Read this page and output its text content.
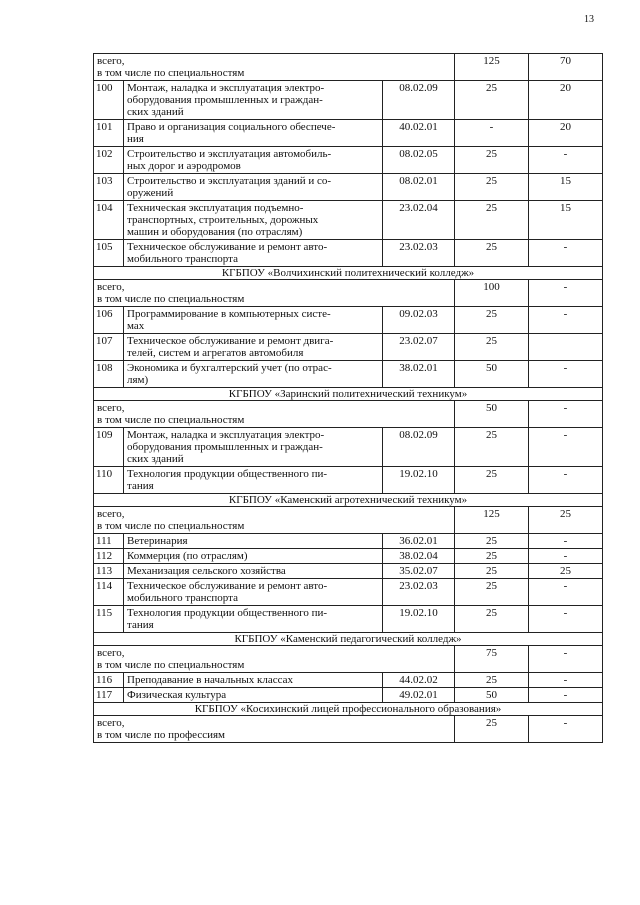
13
всего,
в том числе по специальностям			125	70
100	Монтаж, наладка и эксплуатация электро-
оборудования промышленных и граждан-
ских зданий	08.02.09	25	20
101	Право и организация социального обеспече-
ния	40.02.01	-	20
102	Строительство и эксплуатация автомобиль-
ных дорог и аэродромов	08.02.05	25	-
103	Строительство и эксплуатация зданий и со-
оружений	08.02.01	25	15
104	Техническая эксплуатация подъемно-
транспортных, строительных, дорожных
машин и оборудования (по отраслям)	23.02.04	25	15
105	Техническое обслуживание и ремонт авто-
мобильного транспорта	23.02.03	25	-
КГБПОУ «Волчихинский политехнический колледж»				

всего,
в том числе по специальностям			100	-
106	Программирование в компьютерных систе-
мах	09.02.03	25	-
107	Техническое обслуживание и ремонт двига-
телей, систем и агрегатов автомобиля	23.02.07	25	
108	Экономика и бухгалтерский учет (по отрас-
лям)	38.02.01	50	-
КГБПОУ «Заринский политехнический техникум»				

всего,
в том числе по специальностям			50	-
109	Монтаж, наладка и эксплуатация электро-
оборудования промышленных и граждан-
ских зданий	08.02.09	25	-
110	Технология продукции общественного пи-
тания	19.02.10	25	-
КГБПОУ «Каменский агротехнический техникум»				

всего,
в том числе по специальностям			125	25
111	Ветеринария	36.02.01	25	-
112	Коммерция (по отраслям)	38.02.04	25	-
113	Механизация сельского хозяйства	35.02.07	25	25
114	Техническое обслуживание и ремонт авто-
мобильного транспорта	23.02.03	25	-
115	Технология продукции общественного пи-
тания	19.02.10	25	-
КГБПОУ «Каменский педагогический колледж»				

всего,
в том числе по специальностям			75	-
116	Преподавание в начальных классах	44.02.02	25	-
117	Физическая культура	49.02.01	50	-
КГБПОУ «Косихинский лицей профессионального образования»				

всего,
в том числе по профессиям			25	-
